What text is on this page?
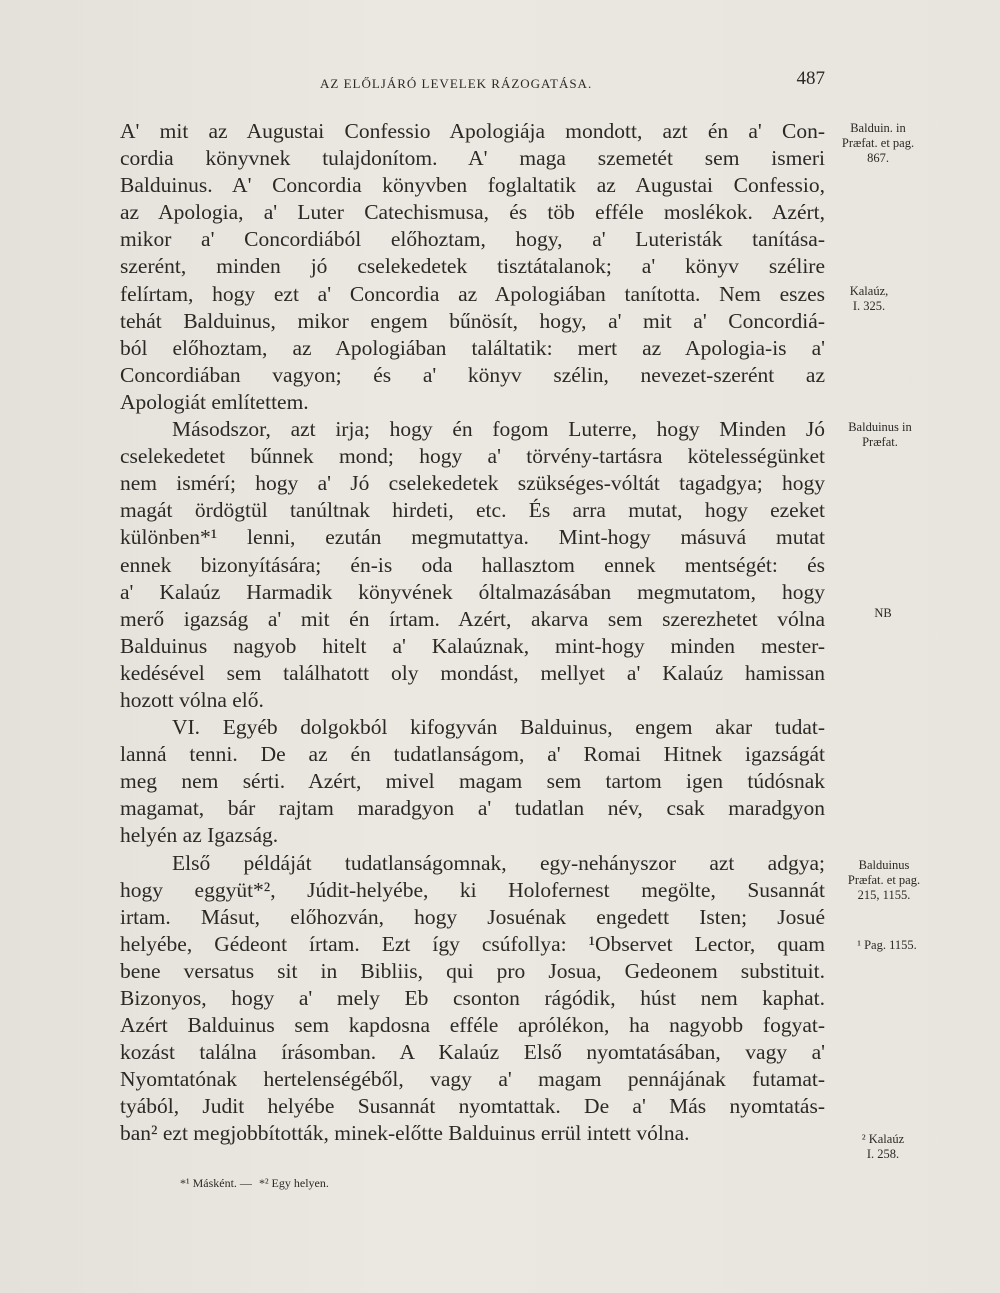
AZ ELŐLJÁRÓ LEVELEK RÁZOGATÁSA.	487
A' mit az Augustai Confessio Apologiája mondott, azt én a' Con-
cordia könyvnek tulajdonítom. A' maga szemetét sem ismeri
Balduinus. A' Concordia könyvben foglaltatik az Augustai Confessio,
az Apologia, a' Luter Catechismusa, és töb efféle moslékok. Azért,
mikor a' Concordiából előhoztam, hogy, a' Luteristák tanítása-
szerént, minden jó cselekedetek tisztátalanok; a' könyv szélire
felírtam, hogy ezt a' Concordia az Apologiában tanította. Nem eszes
tehát Balduinus, mikor engem bűnösít, hogy, a' mit a' Concordiá-
ból előhoztam, az Apologiában találtatik: mert az Apologia-is a'
Concordiában vagyon; és a' könyv szélin, nevezet-szerént az
Apologiát említettem.
Másodszor, azt irja; hogy én fogom Luterre, hogy Minden Jó
cselekedetet bűnnek mond; hogy a' törvény-tartásra kötelességünket
nem ismérí; hogy a' Jó cselekedetek szükséges-vóltát tagadgya; hogy
magát ördögtül tanúltnak hirdeti, etc. És arra mutat, hogy ezeket
különben*¹ lenni, ezután megmutattya. Mint-hogy másuvá mutat
ennek bizonyítására; én-is oda hallasztom ennek mentségét: és
a' Kalaúz Harmadik könyvének óltalmazásában megmutatom, hogy
merő igazság a' mit én írtam. Azért, akarva sem szerezhetet vólna
Balduinus nagyob hitelt a' Kalaúznak, mint-hogy minden mester-
kedésével sem találhatott oly mondást, mellyet a' Kalaúz hamissan
hozott vólna elő.
VI. Egyéb dolgokból kifogyván Balduinus, engem akar tudat-
lanná tenni. De az én tudatlanságom, a' Romai Hitnek igazságát
meg nem sérti. Azért, mivel magam sem tartom igen túdósnak
magamat, bár rajtam maradgyon a' tudatlan név, csak maradgyon
helyén az Igazság.
Első példáját tudatlanságomnak, egy-nehányszor azt adgya;
hogy eggyüt*², Júdit-helyébe, ki Holofernest megölte, Susannát
irtam. Másut, előhozván, hogy Josuénak engedett Isten; Josué
helyébe, Gédeont írtam. Ezt így csúfollya: ¹Observet Lector, quam
bene versatus sit in Bibliis, qui pro Josua, Gedeonem substituit.
Bizonyos, hogy a' mely Eb csonton rágódik, húst nem kaphat.
Azért Balduinus sem kapdosna efféle aprólékon, ha nagyobb fogyat-
kozást találna írásomban. A Kalaúz Első nyomtatásában, vagy a'
Nyomtatónak hertelenségéből, vagy a' magam pennájának futamat-
tyából, Judit helyébe Susannát nyomtattak. De a' Más nyomtatás-
ban² ezt megjobbították, minek-előtte Balduinus errül intett vólna.
Balduin. in
Præfat. et pag.
867.
Kalaúz,
I. 325.
Balduinus in
Præfat.
NB
Balduinus
Præfat. et pag.
215, 1155.
¹ Pag. 1155.
² Kalaúz
I. 258.
*¹ Másként. — *² Egy helyen.
